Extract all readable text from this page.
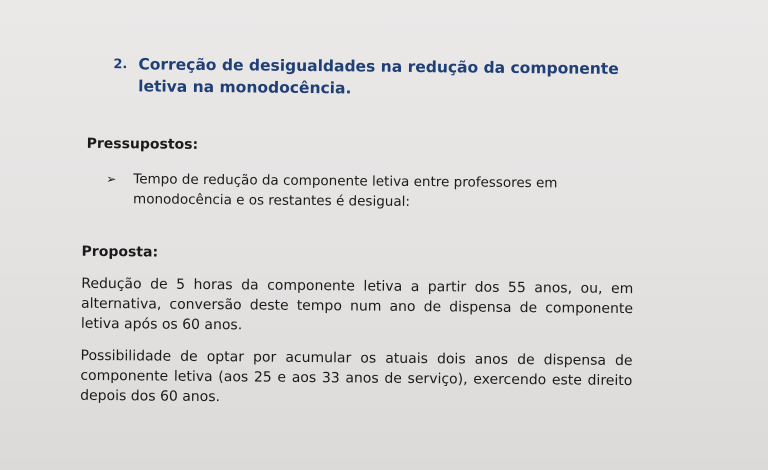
2. Correção de desigualdades na redução da componente letiva na monodocência.
Pressupostos:
➢ Tempo de redução da componente letiva entre professores em monodocência e os restantes é desigual:
Proposta:
Redução de 5 horas da componente letiva a partir dos 55 anos, ou, em alternativa, conversão deste tempo num ano de dispensa de componente letiva após os 60 anos.
Possibilidade de optar por acumular os atuais dois anos de dispensa de componente letiva (aos 25 e aos 33 anos de serviço), exercendo este direito depois dos 60 anos.
